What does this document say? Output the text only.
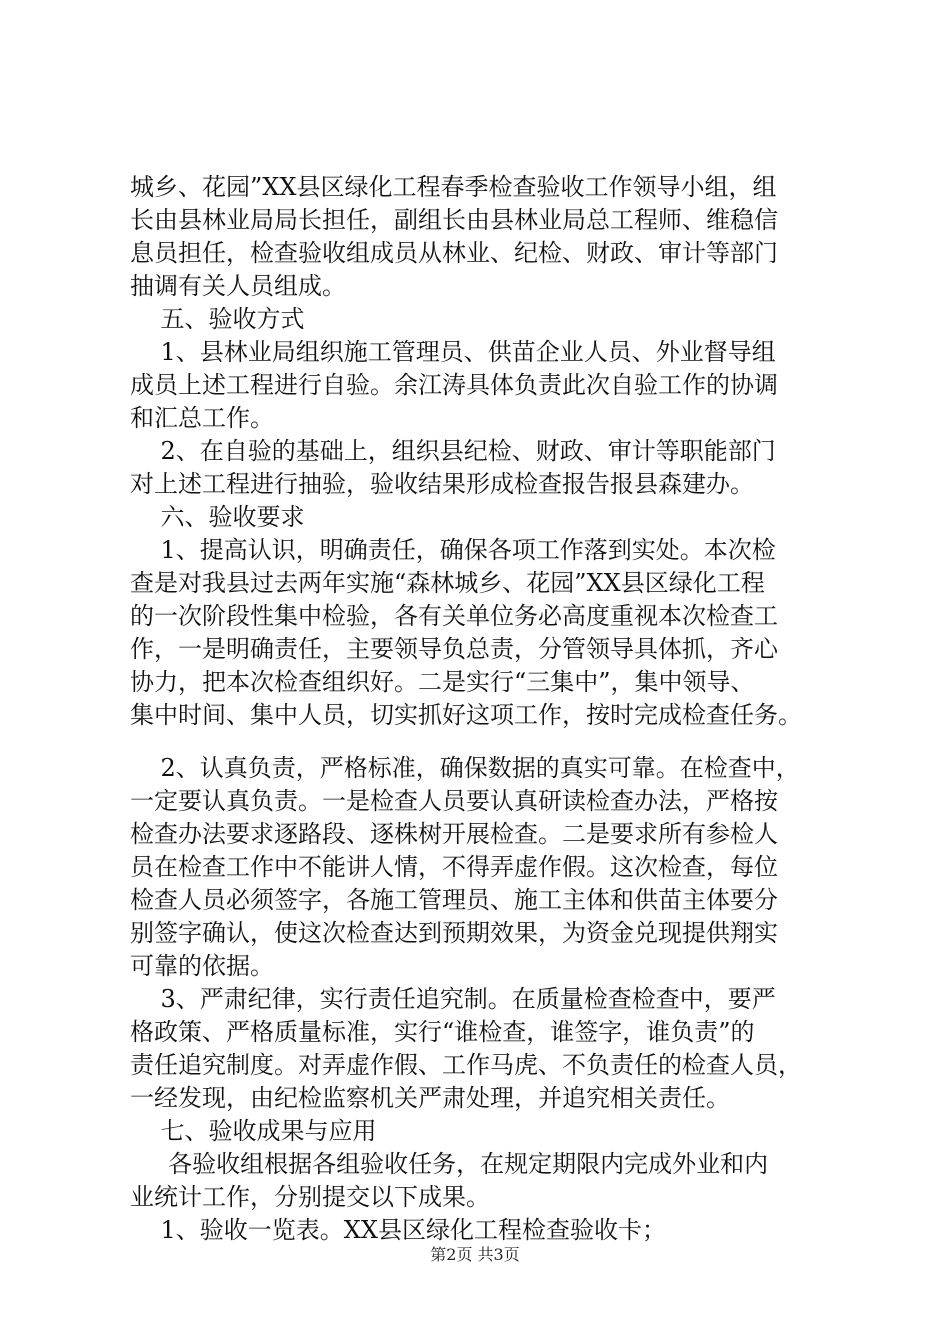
城乡、花园”XX县区绿化工程春季检查验收工作领导小组，组
长由县林业局局长担任，副组长由县林业局总工程师、维稳信
息员担任，检查验收组成员从林业、纪检、财政、审计等部门
抽调有关人员组成。
五、验收方式
1、县林业局组织施工管理员、供苗企业人员、外业督导组
成员上述工程进行自验。余江涛具体负责此次自验工作的协调
和汇总工作。
2、在自验的基础上，组织县纪检、财政、审计等职能部门
对上述工程进行抽验，验收结果形成检查报告报县森建办。
六、验收要求
1、提高认识，明确责任，确保各项工作落到实处。本次检
查是对我县过去两年实施“森林城乡、花园”XX县区绿化工程
的一次阶段性集中检验，各有关单位务必高度重视本次检查工
作，一是明确责任，主要领导负总责，分管领导具体抓，齐心
协力，把本次检查组织好。二是实行“三集中”，集中领导、
集中时间、集中人员，切实抓好这项工作，按时完成检查任务。
2、认真负责，严格标准，确保数据的真实可靠。在检查中，
一定要认真负责。一是检查人员要认真研读检查办法，严格按
检查办法要求逐路段、逐株树开展检查。二是要求所有参检人
员在检查工作中不能讲人情，不得弄虚作假。这次检查，每位
检查人员必须签字，各施工管理员、施工主体和供苗主体要分
别签字确认，使这次检查达到预期效果，为资金兑现提供翔实
可靠的依据。
3、严肃纪律，实行责任追究制。在质量检查检查中，要严
格政策、严格质量标准，实行“谁检查，谁签字，谁负责”的
责任追究制度。对弄虚作假、工作马虎、不负责任的检查人员，
一经发现，由纪检监察机关严肃处理，并追究相关责任。
七、验收成果与应用
各验收组根据各组验收任务，在规定期限内完成外业和内
业统计工作，分别提交以下成果。
1、验收一览表。XX县区绿化工程检查验收卡；
第2页 共3页
